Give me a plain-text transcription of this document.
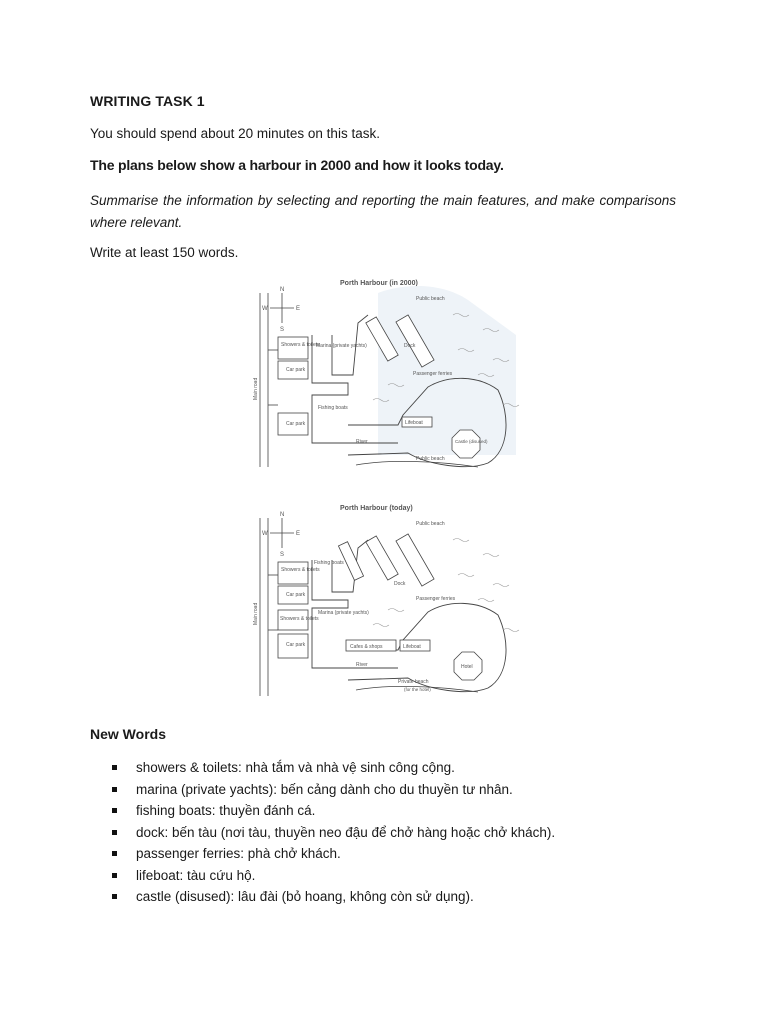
WRITING TASK 1

You should spend about 20 minutes on this task.

The plans below show a harbour in 2000 and how it looks today.

Summarise the information by selecting and reporting the main features, and make comparisons where relevant.

Write at least 150 words.

Porth Harbour (in 2000)
N
S
E
W
Main road
Showers & toilets
Car park
Car park
Marina (private yachts)
Fishing boats
Lifeboat
Castle (disused)
Dock
Public beach
Passenger ferries
River
Public beach
Porth Harbour (today)
N
S
E
W
Main road
Showers & toilets
Car park
Showers & toilets
Car park
Fishing boats
Marina (private yachts)
Cafes & shops	Lifeboat
Hotel
Dock
Public beach
Passenger ferries
River
Private beach
(for the hotel)

New Words

showers & toilets: nhà tắm và nhà vệ sinh công cộng.
marina (private yachts): bến cảng dành cho du thuyền tư nhân.
fishing boats: thuyền đánh cá.
dock: bến tàu (nơi tàu, thuyền neo đậu để chở hàng hoặc chở khách).
passenger ferries: phà chở khách.
lifeboat: tàu cứu hộ.
castle (disused): lâu đài (bỏ hoang, không còn sử dụng).
